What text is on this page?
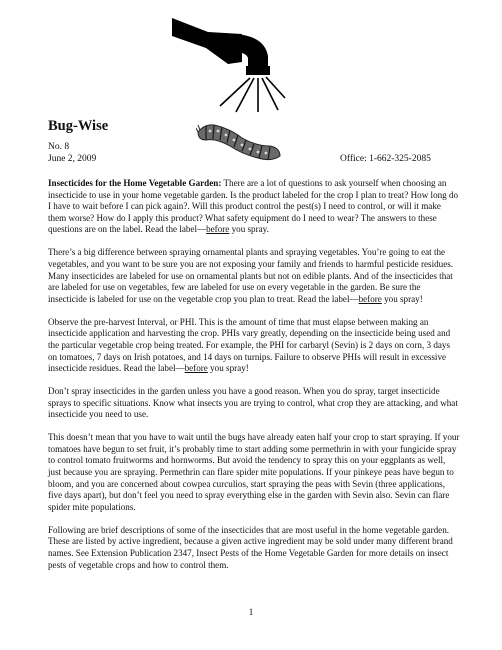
Bug-Wise
No. 8
June 2, 2009	Office: 1-662-325-2085

Insecticides for the Home Vegetable Garden: There are a lot of questions to ask yourself when choosing an insecticide to use in your home vegetable garden. Is the product labeled for the crop I plan to treat? How long do I have to wait before I can pick again?. Will this product control the pest(s) I need to control, or will it make them worse? How do I apply this product? What safety equipment do I need to wear? The answers to these questions are on the label. Read the label—before you spray.

There’s a big difference between spraying ornamental plants and spraying vegetables. You’re going to eat the vegetables, and you want to be sure you are not exposing your family and friends to harmful pesticide residues. Many insecticides are labeled for use on ornamental plants but not on edible plants. And of the insecticides that are labeled for use on vegetables, few are labeled for use on every vegetable in the garden. Be sure the insecticide is labeled for use on the vegetable crop you plan to treat. Read the label—before you spray!

Observe the pre-harvest Interval, or PHI. This is the amount of time that must elapse between making an insecticide application and harvesting the crop. PHIs vary greatly, depending on the insecticide being used and the particular vegetable crop being treated. For example, the PHI for carbaryl (Sevin) is 2 days on corn, 3 days on tomatoes, 7 days on Irish potatoes, and 14 days on turnips. Failure to observe PHIs will result in excessive insecticide residues. Read the label—before you spray!

Don’t spray insecticides in the garden unless you have a good reason. When you do spray, target insecticide sprays to specific situations. Know what insects you are trying to control, what crop they are attacking, and what insecticide you need to use.

This doesn’t mean that you have to wait until the bugs have already eaten half your crop to start spraying. If your tomatoes have begun to set fruit, it’s probably time to start adding some permethrin in with your fungicide spray to control tomato fruitworms and hornworms. But avoid the tendency to spray this on your eggplants as well, just because you are spraying. Permethrin can flare spider mite populations. If your pinkeye peas have begun to bloom, and you are concerned about cowpea curculios, start spraying the peas with Sevin (three applications, five days apart), but don’t feel you need to spray everything else in the garden with Sevin also. Sevin can flare spider mite populations.

Following are brief descriptions of some of the insecticides that are most useful in the home vegetable garden. These are listed by active ingredient, because a given active ingredient may be sold under many different brand names. See Extension Publication 2347, Insect Pests of the Home Vegetable Garden for more details on insect pests of vegetable crops and how to control them.

1
